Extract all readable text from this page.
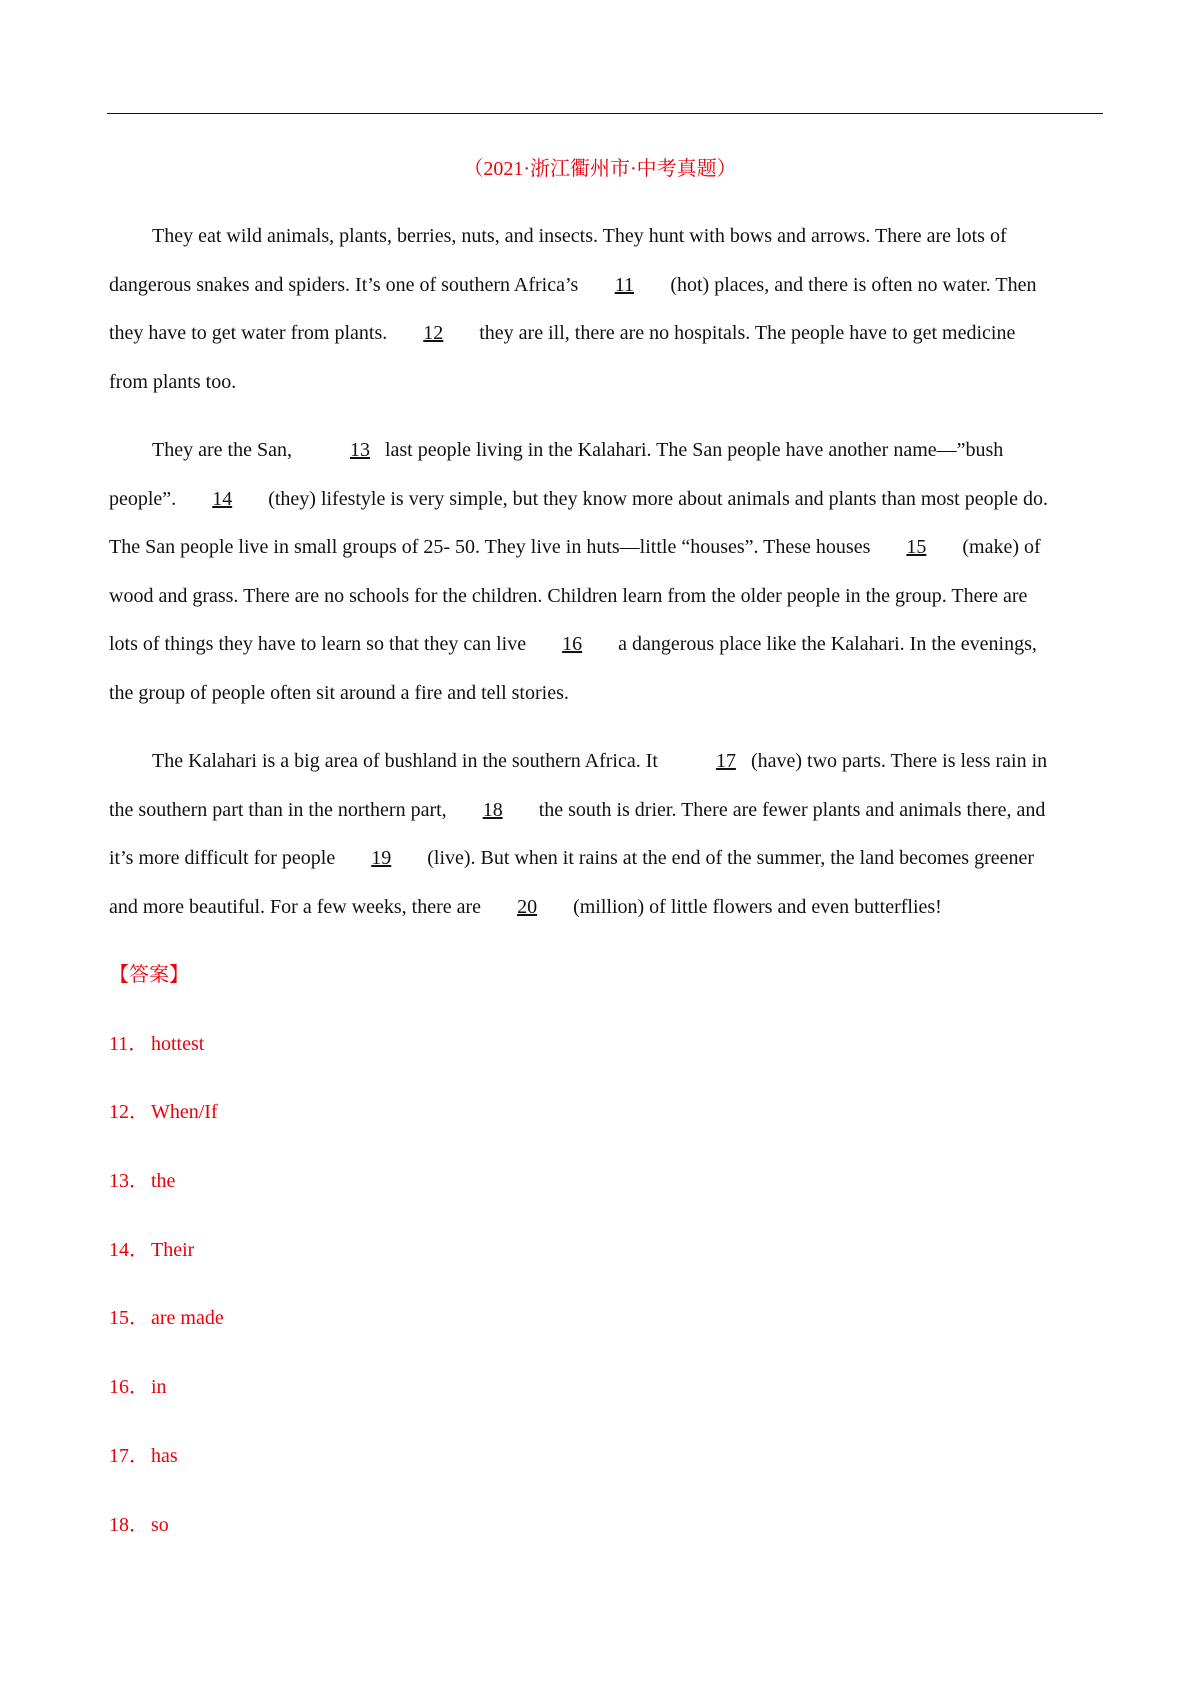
（2021·浙江衢州市·中考真题）

They eat wild animals, plants, berries, nuts, and insects. They hunt with bows and arrows. There are lots of
dangerous snakes and spiders. It’s one of southern Africa’s 11 (hot) places, and there is often no water. Then
they have to get water from plants. 12 they are ill, there are no hospitals. The people have to get medicine
from plants too.

They are the San,	13 last people living in the Kalahari. The San people have another name—”bush
people”. 14 (they) lifestyle is very simple, but they know more about animals and plants than most people do.
The San people live in small groups of 25- 50. They live in huts—little “houses”. These houses 15 (make) of
wood and grass. There are no schools for the children. Children learn from the older people in the group. There are
lots of things they have to learn so that they can live 16 a dangerous place like the Kalahari. In the evenings,
the group of people often sit around a fire and tell stories.

The Kalahari is a big area of bushland in the southern Africa. It	17 (have) two parts. There is less rain in
the southern part than in the northern part, 18 the south is drier. There are fewer plants and animals there, and
it’s more difficult for people 19 (live). But when it rains at the end of the summer, the land becomes greener
and more beautiful. For a few weeks, there are 20 (million) of little flowers and even butterflies!

【答案】
11． hottest
12． When/If
13． the
14． Their
15． are made
16． in
17． has
18． so
